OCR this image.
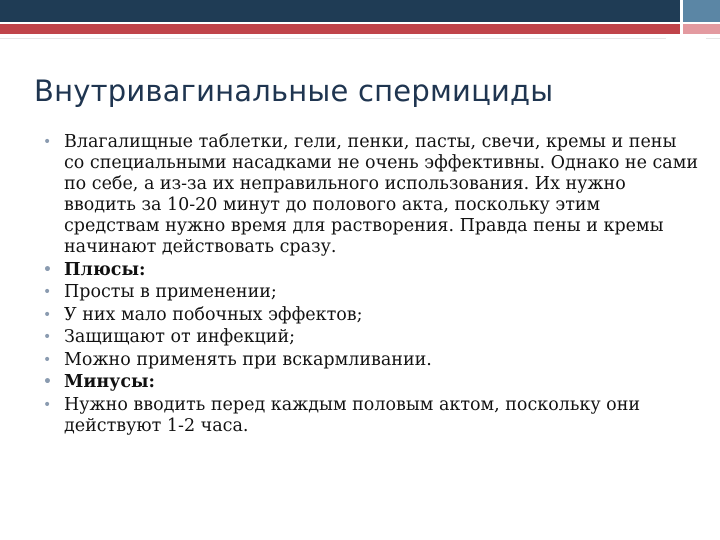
Внутривагинальные спермициды
• Влагалищные таблетки, гели, пенки, пасты, свечи, кремы и пены со специальными насадками не очень эффективны. Однако не сами по себе, а из-за их неправильного использования. Их нужно вводить за 10-20 минут до полового акта, поскольку этим средствам нужно время для растворения. Правда пены и кремы начинают действовать сразу.
• Плюсы:
• Просты в применении;
• У них мало побочных эффектов;
• Защищают от инфекций;
• Можно применять при вскармливании.
• Минусы:
• Нужно вводить перед каждым половым актом, поскольку они действуют 1-2 часа.
